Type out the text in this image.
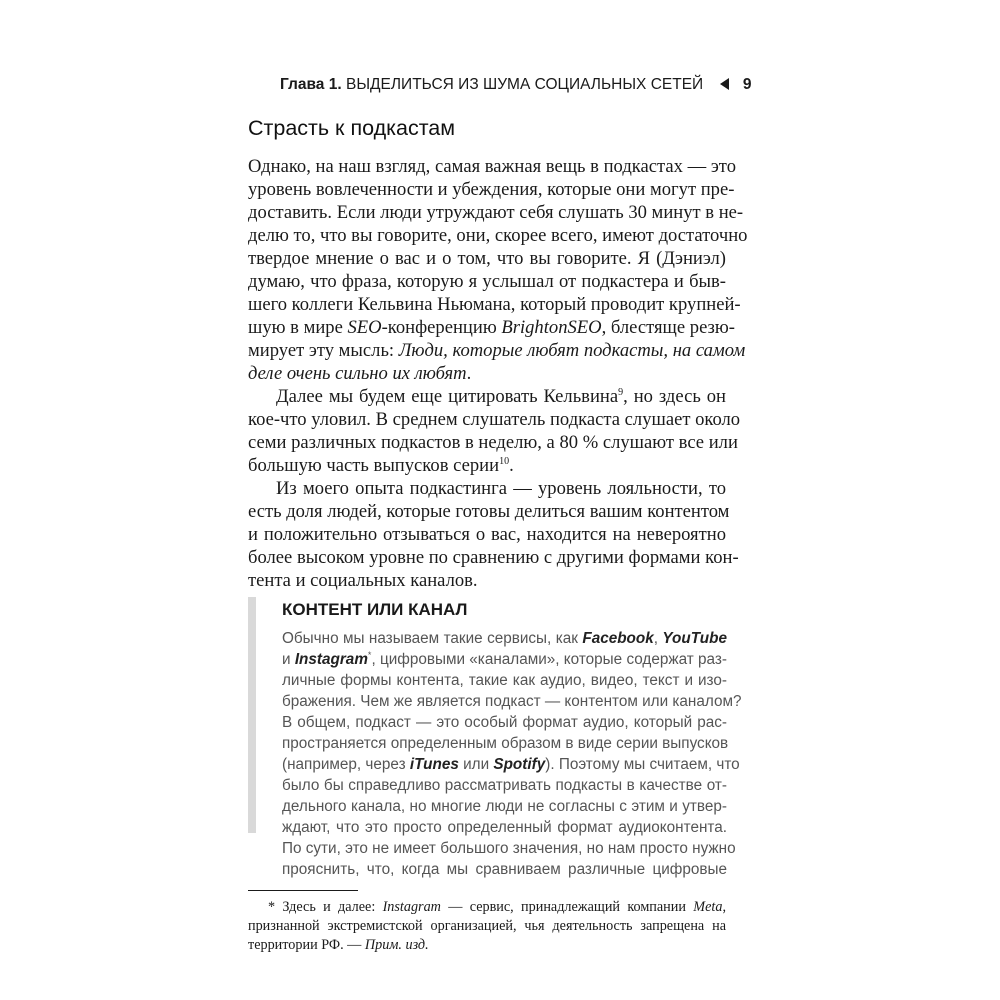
Глава 1. ВЫДЕЛИТЬСЯ ИЗ ШУМА СОЦИАЛЬНЫХ СЕТЕЙ	9
Страсть к подкастам
Однако, на наш взгляд, самая важная вещь в подкастах — это
уровень вовлеченности и убеждения, которые они могут пре-
доставить. Если люди утруждают себя слушать 30 минут в не-
делю то, что вы говорите, они, скорее всего, имеют достаточно
твердое мнение о вас и о том, что вы говорите. Я (Дэниэл)
думаю, что фраза, которую я услышал от подкастера и быв-
шего коллеги Кельвина Ньюмана, который проводит крупней-
шую в мире SEO-конференцию BrightonSEO, блестяще резю-
мирует эту мысль: Люди, которые любят подкасты, на самом
деле очень сильно их любят.
Далее мы будем еще цитировать Кельвина$^9$, но здесь он
кое-что уловил. В среднем слушатель подкаста слушает около
семи различных подкастов в неделю, а 80 % слушают все или
большую часть выпусков серии$^{10}$.
Из моего опыта подкастинга — уровень лояльности, то
есть доля людей, которые готовы делиться вашим контентом
и положительно отзываться о вас, находится на невероятно
более высоком уровне по сравнению с другими формами кон-
тента и социальных каналов.
КОНТЕНТ ИЛИ КАНАЛ
Обычно мы называем такие сервисы, как Facebook, YouTube
и Instagram*, цифровыми «каналами», которые содержат раз-
личные формы контента, такие как аудио, видео, текст и изо-
бражения. Чем же является подкаст — контентом или каналом?
В общем, подкаст — это особый формат аудио, который рас-
пространяется определенным образом в виде серии выпусков
(например, через iTunes или Spotify). Поэтому мы считаем, что
было бы справедливо рассматривать подкасты в качестве от-
дельного канала, но многие люди не согласны с этим и утвер-
ждают, что это просто определенный формат аудиоконтента.
По сути, это не имеет большого значения, но нам просто нужно
прояснить, что, когда мы сравниваем различные цифровые
* Здесь и далее: Instagram — сервис, принадлежащий компании Meta,
признанной экстремистской организацией, чья деятельность запрещена на
территории РФ. — Прим. изд.
